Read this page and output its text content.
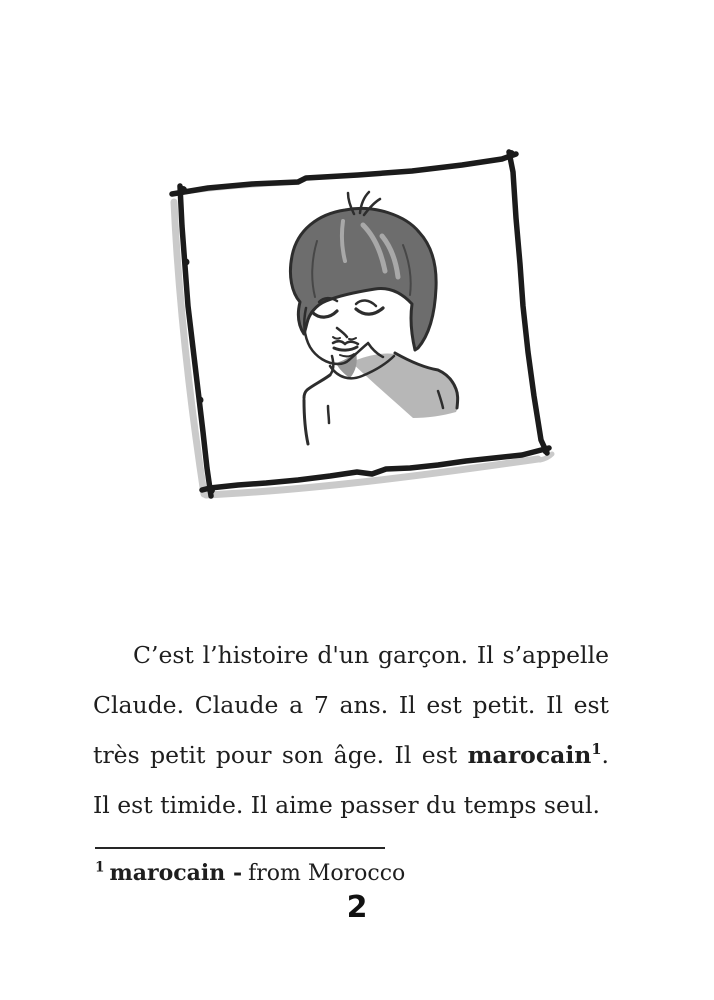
C’est l’histoire d'un garçon. Il s’appelle
Claude. Claude a 7 ans. Il est petit. Il est
très petit pour son âge. Il est marocain$^1$.
Il est timide. Il aime passer du temps seul.
$^1$ marocain - from Morocco
2
